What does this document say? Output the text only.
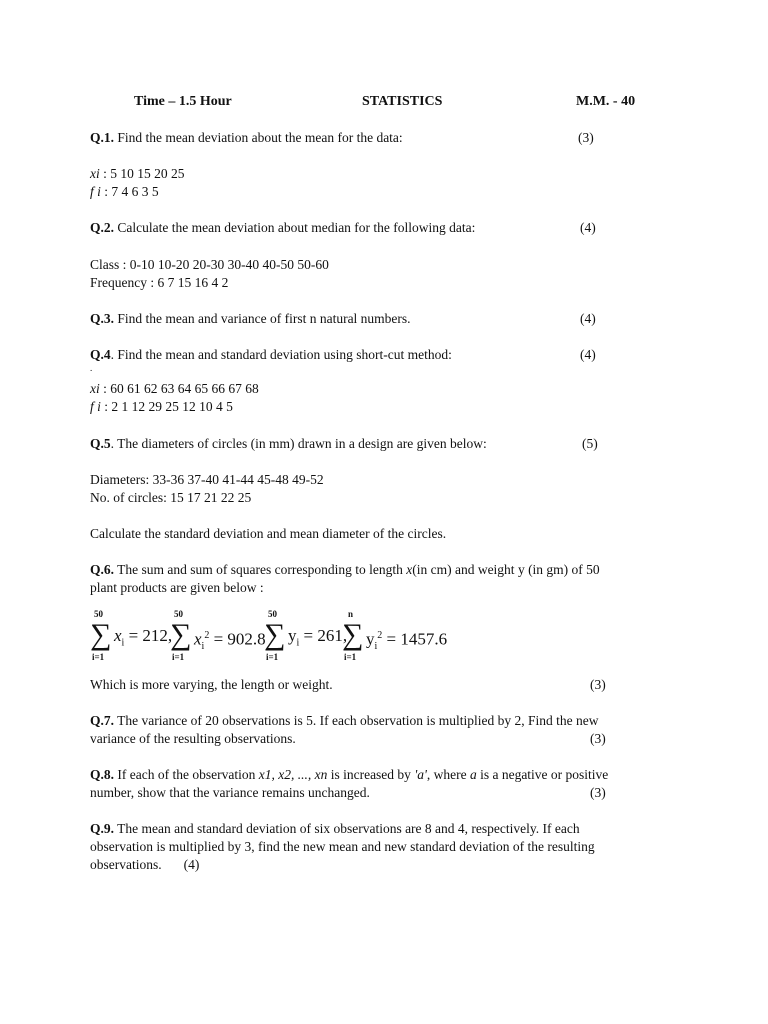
Time – 1.5 Hour	STATISTICS	M.M. - 40
Q.1. Find the mean deviation about the mean for the data:	(3)
xi : 5 10 15 20 25
f i : 7 4 6 3 5
Q.2. Calculate the mean deviation about median for the following data:	(4)
Class : 0-10 10-20 20-30 30-40 40-50 50-60
Frequency : 6 7 15 16 4 2
Q.3. Find the mean and variance of first n natural numbers.	(4)
Q.4. Find the mean and standard deviation using short-cut method:	(4)
.
xi : 60 61 62 63 64 65 66 67 68
f i : 2 1 12 29 25 12 10 4 5
Q.5. The diameters of circles (in mm) drawn in a design are given below:	(5)
Diameters: 33-36 37-40 41-44 45-48 49-52
No. of circles: 15 17 21 22 25
Calculate the standard deviation and mean diameter of the circles.
Q.6. The sum and sum of squares corresponding to length x(in cm) and weight y (in gm) of 50
plant products are given below :
50
∑
i=1
$x_i = 212$,
50
∑
i=1
$x_i^2 = 902.8$
50
∑
i=1
$y_i = 261$,
n
∑
i=1
$y_i^2 = 1457.6$
Which is more varying, the length or weight.	(3)
Q.7. The variance of 20 observations is 5. If each observation is multiplied by 2, Find the new
variance of the resulting observations.	(3)
Q.8. If each of the observation x1, x2, ..., xn is increased by 'a', where a is a negative or positive
number, show that the variance remains unchanged.	(3)
Q.9. The mean and standard deviation of six observations are 8 and 4, respectively. If each
observation is multiplied by 3, find the new mean and new standard deviation of the resulting
observations. (4)
